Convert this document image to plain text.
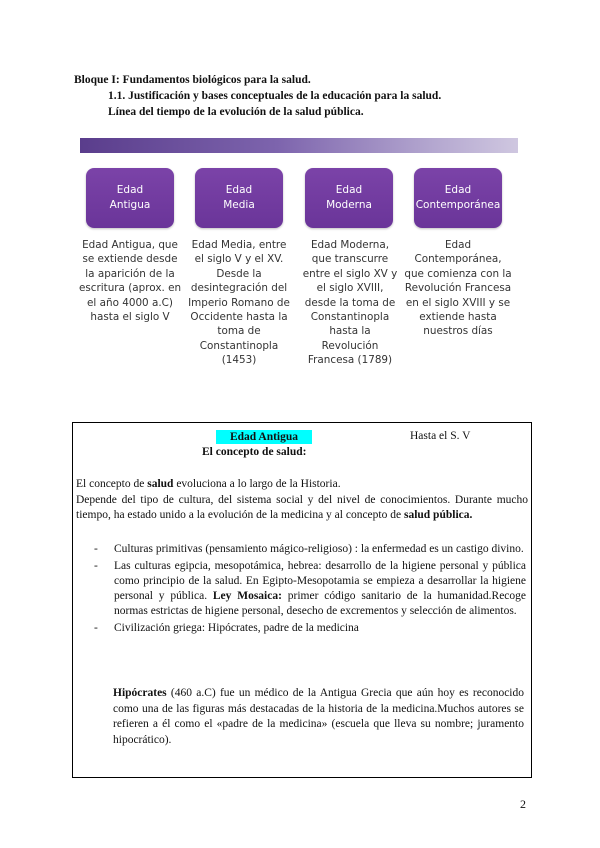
Bloque I: Fundamentos biológicos para la salud.
1.1. Justificación y bases conceptuales de la educación para la salud.
Línea del tiempo de la evolución de la salud pública.
Edad
Antigua
Edad
Media
Edad
Moderna
Edad
Contemporánea
Edad Antigua, que se extiende desde la aparición de la escritura (aprox. en el año 4000 a.C) hasta el siglo V
Edad Media, entre el siglo V y el XV. Desde la desintegración del Imperio Romano de Occidente hasta la toma de Constantinopla (1453)
Edad Moderna, que transcurre entre el siglo XV y el siglo XVIII, desde la toma de Constantinopla hasta la Revolución Francesa (1789)
Edad Contemporánea, que comienza con la Revolución Francesa en el siglo XVIII y se extiende hasta nuestros días
Edad Antigua	Hasta el S. V
El concepto de salud:
El concepto de salud evoluciona a lo largo de la Historia.
Depende del tipo de cultura, del sistema social y del nivel de conocimientos. Durante mucho tiempo, ha estado unido a la evolución de la medicina y al concepto de salud pública.
- Culturas primitivas (pensamiento mágico-religioso) : la enfermedad es un castigo divino.
- Las culturas egipcia, mesopotámica, hebrea: desarrollo de la higiene personal y pública como principio de la salud. En Egipto-Mesopotamia se empieza a desarrollar la higiene personal y pública. Ley Mosaica: primer código sanitario de la humanidad.Recoge normas estrictas de higiene personal, desecho de excrementos y selección de alimentos.
- Civilización griega: Hipócrates, padre de la medicina
Hipócrates (460 a.C) fue un médico de la Antigua Grecia que aún hoy es reconocido como una de las figuras más destacadas de la historia de la medicina.Muchos autores se refieren a él como el «padre de la medicina» (escuela que lleva su nombre; juramento hipocrático).
2
